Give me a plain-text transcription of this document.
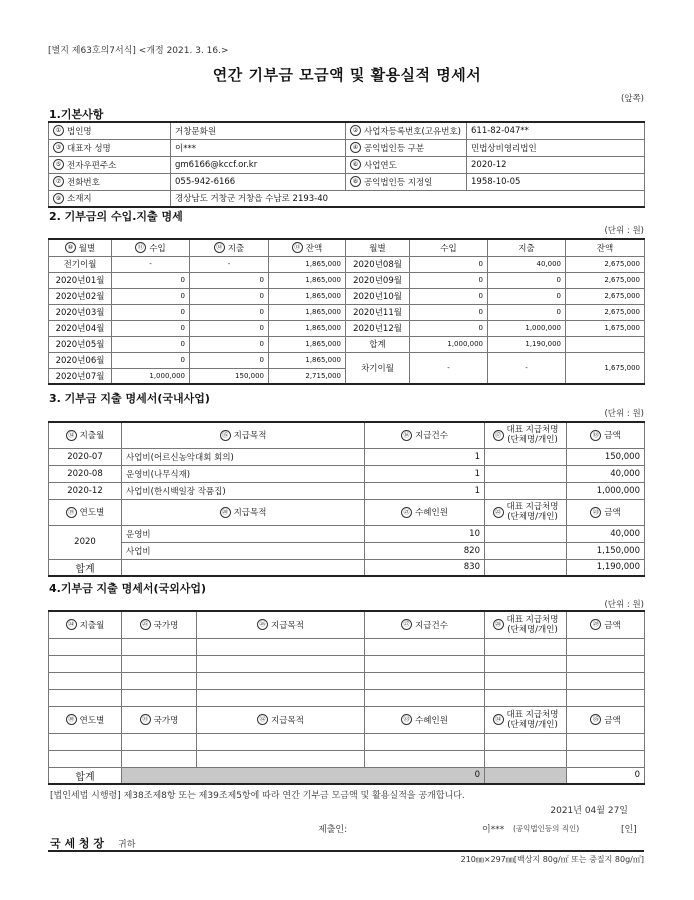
[별지 제63호의7서식] <개정 2021. 3. 16.>
연간 기부금 모금액 및 활용실적 명세서
(앞쪽)
1.기본사항
① 법인명	거창문화원	② 사업자등록번호(고유번호)	611-82-047**
③ 대표자 성명	이***	④ 공익법인등 구분	민법상비영리법인
⑤ 전자우편주소	gm6166@kccf.or.kr	⑥ 사업연도	2020-12
⑦ 전화번호	055-942-6166	⑧ 공익법인등 지정일	1958-10-05
⑨ 소재지	경상남도 거창군 거창읍 수남로 2193-40		
2. 기부금의 수입.지출 명세
(단위 : 원)
⑩ 월별	⑪ 수입	⑫ 지출	⑬ 잔액	월별	수입	지출	잔액
전기이월	-	-	1,865,000	2020년08월	0	40,000	2,675,000
2020년01월	0	0	1,865,000	2020년09월	0	0	2,675,000
2020년02월	0	0	1,865,000	2020년10월	0	0	2,675,000
2020년03월	0	0	1,865,000	2020년11월	0	0	2,675,000
2020년04월	0	0	1,865,000	2020년12월	0	1,000,000	1,675,000
2020년05월	0	0	1,865,000	합계	1,000,000	1,190,000	
2020년06월	0	0	1,865,000	차기이월	-	-	1,675,000
2020년07월	1,000,000	150,000	2,715,000				
3. 기부금 지출 명세서(국내사업)
(단위 : 원)
⑭ 지출월	⑮ 지급목적	⑯ 지급건수	⑰ 대표 지급처명
(단체명/개인)	⑱ 금액
2020-07	사업비(어르신농악대회 회의)	1		150,000
2020-08	운영비(나무식재)	1		40,000
2020-12	사업비(한시백일장 작품집)	1		1,000,000
⑲ 연도별	⑳ 지급목적	㉑ 수혜인원	㉒ 대표 지급처명
(단체명/개인)	㉓ 금액
2020	운영비	10		40,000
	사업비	820		1,150,000
합계		830		1,190,000
4.기부금 지출 명세서(국외사업)
(단위 : 원)
㉔ 지출월	㉕ 국가명	㉖ 지급목적	㉗ 지급건수	㉘ 대표 지급처명
(단체명/개인)	㉙ 금액

㉚ 연도별	㉛ 국가명	㉜ 지급목적	㉝ 수혜인원	㉞ 대표 지급처명
(단체명/개인)	㉟ 금액

합계	0				0
[법인세법 시행령] 제38조제8항 또는 제39조제5항에 따라 연간 기부금 모금액 및 활용실적을 공개합니다.
2021년 04월 27일
제출인:	이*** (공익법인등의 직인)	[인]
국 세 청 장 귀하
210㎜×297㎜[백상지 80g/㎡ 또는 중질지 80g/㎡]
